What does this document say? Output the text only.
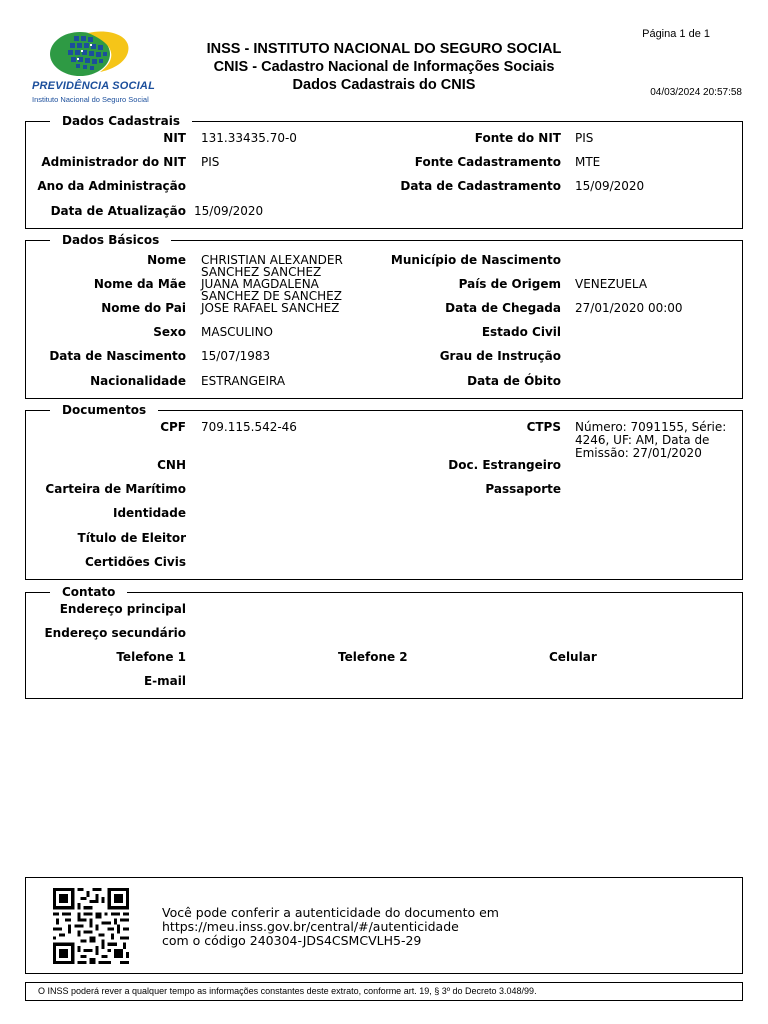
PREVIDÊNCIA SOCIAL
Instituto Nacional do Seguro Social
INSS - INSTITUTO NACIONAL DO SEGURO SOCIAL
CNIS - Cadastro Nacional de Informações Sociais
Dados Cadastrais do CNIS
Página 1 de 1
04/03/2024 20:57:58
Dados Cadastrais
NIT 131.33435.70-0
Administrador do NIT PIS
Ano da Administração
Data de Atualização 15/09/2020
Fonte do NIT PIS
Fonte Cadastramento MTE
Data de Cadastramento 15/09/2020
Dados Básicos
Nome CHRISTIAN ALEXANDER
SANCHEZ SANCHEZ
Nome da Mãe JUANA MAGDALENA
SANCHEZ DE SANCHEZ
Nome do Pai JOSE RAFAEL SANCHEZ
Sexo MASCULINO
Data de Nascimento 15/07/1983
Nacionalidade ESTRANGEIRA
Município de Nascimento
País de Origem VENEZUELA
Data de Chegada 27/01/2020 00:00
Estado Civil
Grau de Instrução
Data de Óbito
Documentos
CPF 709.115.542-46
CNH
Carteira de Marítimo
Identidade
Título de Eleitor
Certidões Civis
CTPS Número: 7091155, Série:
4246, UF: AM, Data de
Emissão: 27/01/2020
Doc. Estrangeiro
Passaporte
Contato
Endereço principal
Endereço secundário
Telefone 1	Telefone 2	Celular
E-mail
Você pode conferir a autenticidade do documento em
https://meu.inss.gov.br/central/#/autenticidade
com o código 240304-JDS4CSMCVLH5-29
O INSS poderá rever a qualquer tempo as informações constantes deste extrato, conforme art. 19, § 3º do Decreto 3.048/99.
